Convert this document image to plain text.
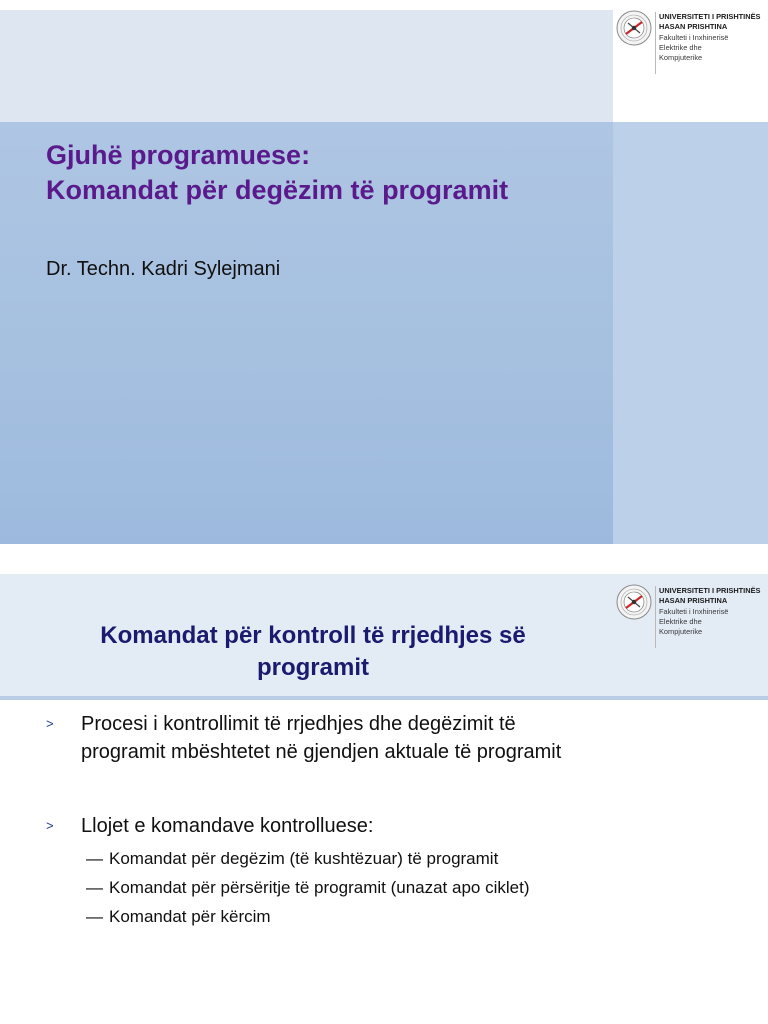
Gjuhë programuese:
Komandat për degëzim të programit

Dr. Techn. Kadri Sylejmani

UNIVERSITETI I PRISHTINËS
HASAN PRISHTINA

Fakulteti i Inxhinerisë
Elektrike dhe
Kompjuterike

UNIVERSITETI I PRISHTINËS
HASAN PRISHTINA

Fakulteti i Inxhinerisë
Elektrike dhe
Kompjuterike

Komandat për kontroll të rrjedhjes së
programit
> Procesi i kontrollimit të rrjedhjes dhe degëzimit të
programit mbështetet në gjendjen aktuale të programit
> Llojet e komandave kontrolluese:
— Komandat për degëzim (të kushtëzuar) të programit
— Komandat për përsëritje të programit (unazat apo ciklet)
— Komandat për kërcim
